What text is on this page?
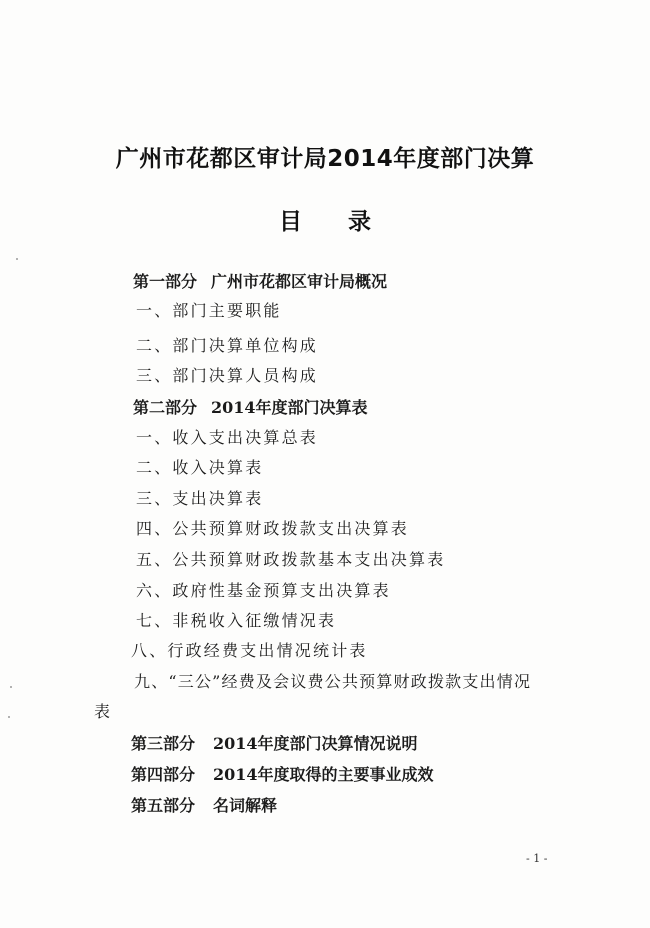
广州市花都区审计局2014年度部门决算
目 录
第一部分 广州市花都区审计局概况
一、部门主要职能
二、部门决算单位构成
三、部门决算人员构成
第二部分 2014年度部门决算表
一、收入支出决算总表
二、收入决算表
三、支出决算表
四、公共预算财政拨款支出决算表
五、公共预算财政拨款基本支出决算表
六、政府性基金预算支出决算表
七、非税收入征缴情况表
八、行政经费支出情况统计表
九、“三公”经费及会议费公共预算财政拨款支出情况
表
第三部分 2014年度部门决算情况说明
第四部分 2014年度取得的主要事业成效
第五部分 名词解释
- 1 -
